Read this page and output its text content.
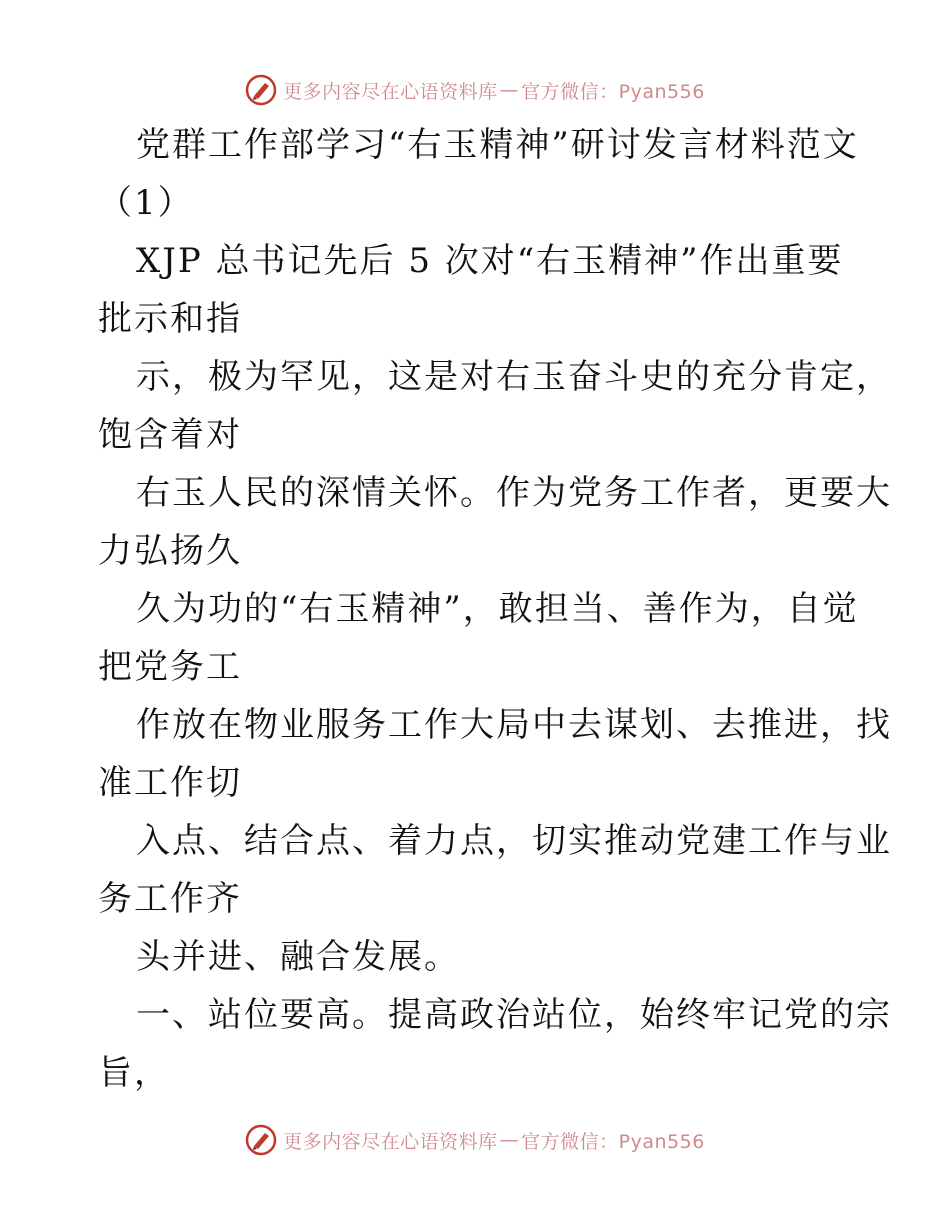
更多内容尽在心语资料库 — 官方微信：Pyan556
党群工作部学习“右玉精神”研讨发言材料范文
（1）
XJP 总书记先后 5 次对“右玉精神”作出重要
批示和指
示，极为罕见，这是对右玉奋斗史的充分肯定，
饱含着对
右玉人民的深情关怀。作为党务工作者，更要大
力弘扬久
久为功的“右玉精神”，敢担当、善作为，自觉
把党务工
作放在物业服务工作大局中去谋划、去推进，找
准工作切
入点、结合点、着力点，切实推动党建工作与业
务工作齐
头并进、融合发展。
一、站位要高。提高政治站位，始终牢记党的宗
旨，
更多内容尽在心语资料库 — 官方微信：Pyan556
